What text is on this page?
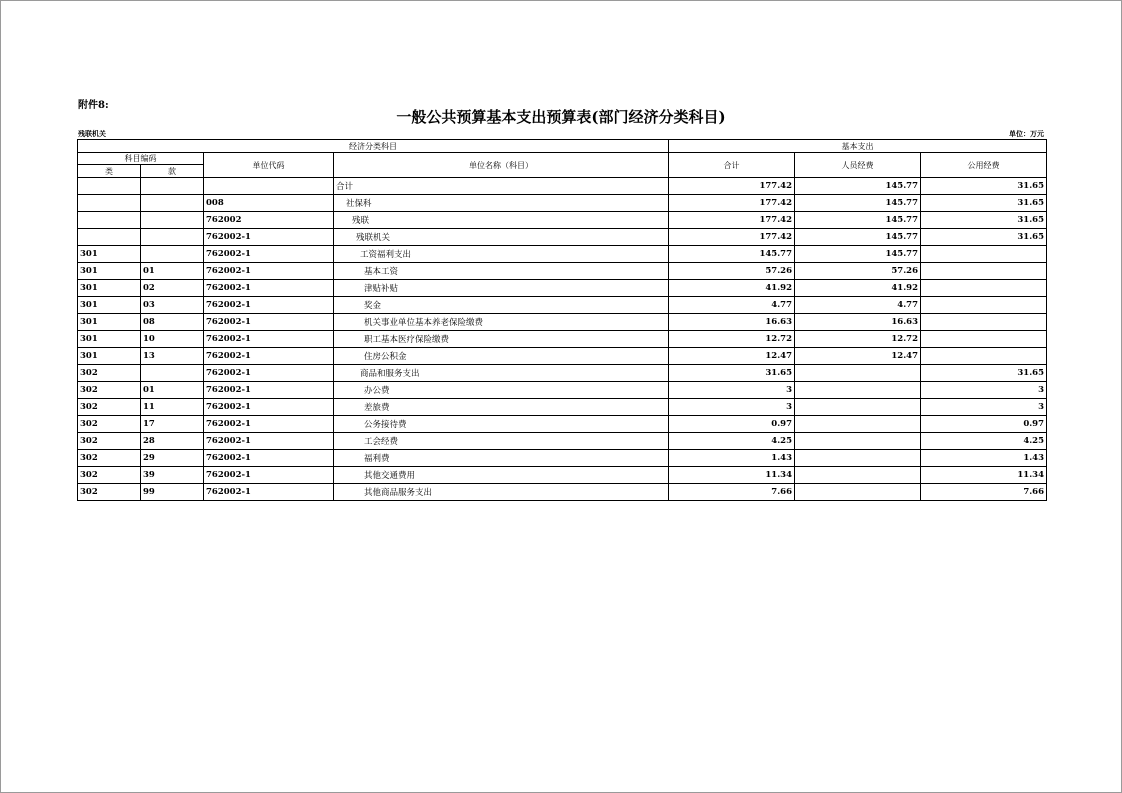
附件8:
一般公共预算基本支出预算表(部门经济分类科目)
残联机关	单位：万元
经济分类科目				基本支出		
科目编码		单位代码	单位名称（科目）	合计	人员经费	公用经费
类	款					
			合计	177.42	145.77	31.65
		008	社保科	177.42	145.77	31.65
		762002	残联	177.42	145.77	31.65
		762002-1	残联机关	177.42	145.77	31.65
301		762002-1	工资福利支出	145.77	145.77	
301	01	762002-1	基本工资	57.26	57.26	
301	02	762002-1	津贴补贴	41.92	41.92	
301	03	762002-1	奖金	4.77	4.77	
301	08	762002-1	机关事业单位基本养老保险缴费	16.63	16.63	
301	10	762002-1	职工基本医疗保险缴费	12.72	12.72	
301	13	762002-1	住房公积金	12.47	12.47	
302		762002-1	商品和服务支出	31.65		31.65
302	01	762002-1	办公费	3		3
302	11	762002-1	差旅费	3		3
302	17	762002-1	公务接待费	0.97		0.97
302	28	762002-1	工会经费	4.25		4.25
302	29	762002-1	福利费	1.43		1.43
302	39	762002-1	其他交通费用	11.34		11.34
302	99	762002-1	其他商品服务支出	7.66		7.66
